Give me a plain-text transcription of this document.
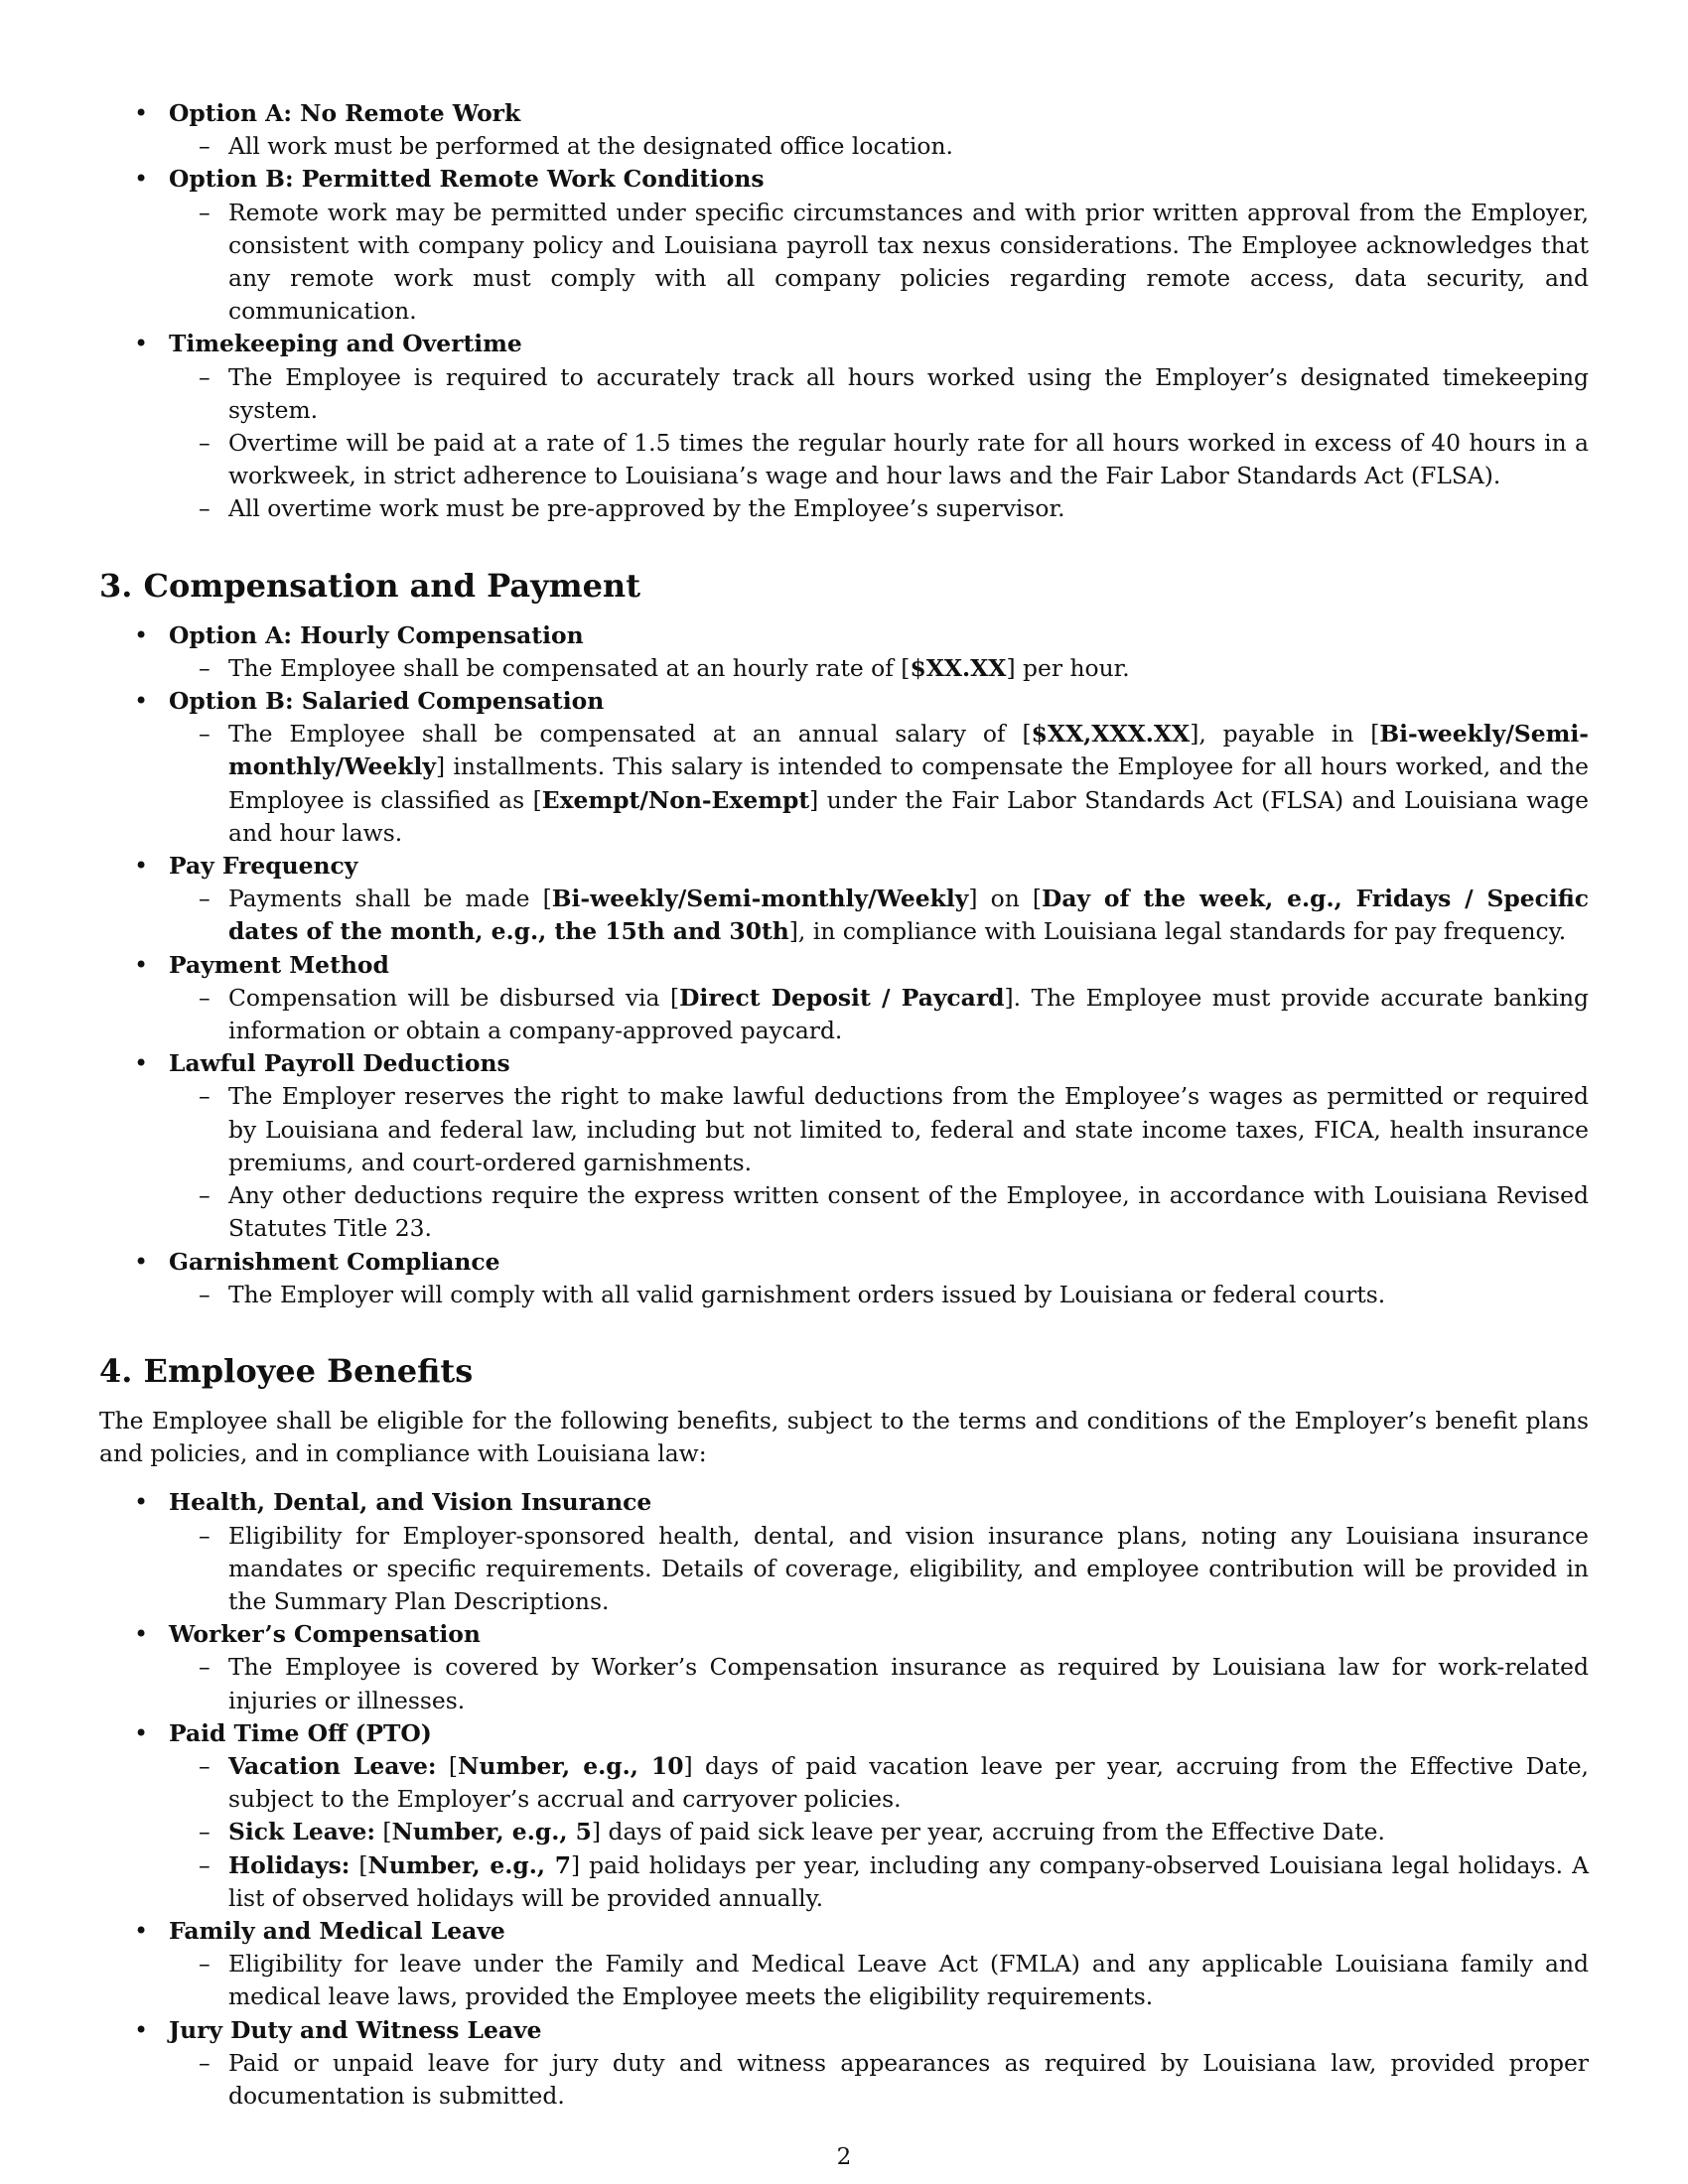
• Option A: No Remote Work
– All work must be performed at the designated office location.
• Option B: Permitted Remote Work Conditions
– Remote work may be permitted under specific circumstances and with prior written approval from the Employer, consistent with company policy and Louisiana payroll tax nexus considerations. The Employee acknowledges that any remote work must comply with all company policies regarding remote access, data security, and communication.
• Timekeeping and Overtime
– The Employee is required to accurately track all hours worked using the Employer’s designated timekeeping system.
– Overtime will be paid at a rate of 1.5 times the regular hourly rate for all hours worked in excess of 40 hours in a workweek, in strict adherence to Louisiana’s wage and hour laws and the Fair Labor Standards Act (FLSA).
– All overtime work must be pre-approved by the Employee’s supervisor.
3. Compensation and Payment
• Option A: Hourly Compensation
– The Employee shall be compensated at an hourly rate of [$XX.XX] per hour.
• Option B: Salaried Compensation
– The Employee shall be compensated at an annual salary of [$XX,XXX.XX], payable in [Bi-weekly/Semi-monthly/Weekly] installments. This salary is intended to compensate the Employee for all hours worked, and the Employee is classified as [Exempt/Non-Exempt] under the Fair Labor Standards Act (FLSA) and Louisiana wage and hour laws.
• Pay Frequency
– Payments shall be made [Bi-weekly/Semi-monthly/Weekly] on [Day of the week, e.g., Fridays / Specific dates of the month, e.g., the 15th and 30th], in compliance with Louisiana legal standards for pay frequency.
• Payment Method
– Compensation will be disbursed via [Direct Deposit / Paycard]. The Employee must provide accurate banking information or obtain a company-approved paycard.
• Lawful Payroll Deductions
– The Employer reserves the right to make lawful deductions from the Employee’s wages as permitted or required by Louisiana and federal law, including but not limited to, federal and state income taxes, FICA, health insurance premiums, and court-ordered garnishments.
– Any other deductions require the express written consent of the Employee, in accordance with Louisiana Revised Statutes Title 23.
• Garnishment Compliance
– The Employer will comply with all valid garnishment orders issued by Louisiana or federal courts.
4. Employee Benefits

The Employee shall be eligible for the following benefits, subject to the terms and conditions of the Employer’s benefit plans and policies, and in compliance with Louisiana law:

• Health, Dental, and Vision Insurance
– Eligibility for Employer-sponsored health, dental, and vision insurance plans, noting any Louisiana insurance mandates or specific requirements. Details of coverage, eligibility, and employee contribution will be provided in the Summary Plan Descriptions.
• Worker’s Compensation
– The Employee is covered by Worker’s Compensation insurance as required by Louisiana law for work-related injuries or illnesses.
• Paid Time Off (PTO)
– Vacation Leave: [Number, e.g., 10] days of paid vacation leave per year, accruing from the Effective Date, subject to the Employer’s accrual and carryover policies.
– Sick Leave: [Number, e.g., 5] days of paid sick leave per year, accruing from the Effective Date.
– Holidays: [Number, e.g., 7] paid holidays per year, including any company-observed Louisiana legal holidays. A list of observed holidays will be provided annually.
• Family and Medical Leave
– Eligibility for leave under the Family and Medical Leave Act (FMLA) and any applicable Louisiana family and medical leave laws, provided the Employee meets the eligibility requirements.
• Jury Duty and Witness Leave
– Paid or unpaid leave for jury duty and witness appearances as required by Louisiana law, provided proper documentation is submitted.
2
